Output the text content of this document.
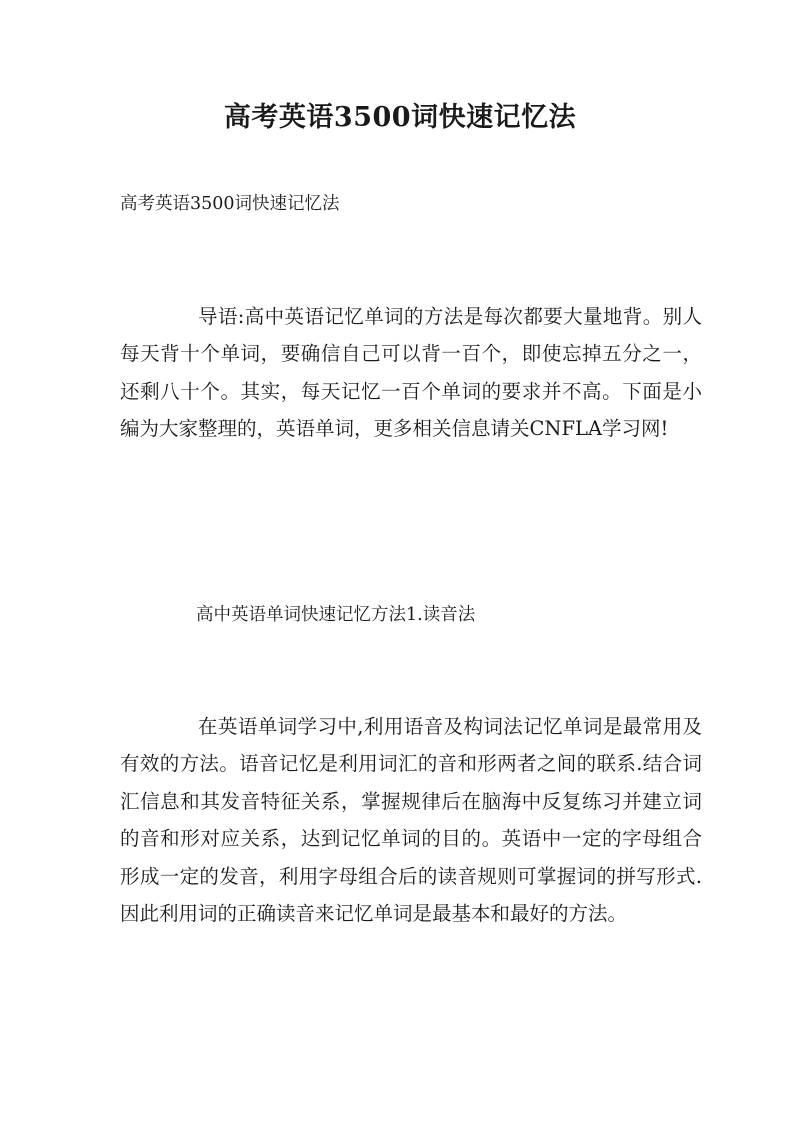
高考英语3500词快速记忆法

高考英语3500词快速记忆法

导语:高中英语记忆单词的方法是每次都要大量地背。别人每天背十个单词，要确信自己可以背一百个，即使忘掉五分之一，还剩八十个。其实，每天记忆一百个单词的要求并不高。下面是小编为大家整理的，英语单词，更多相关信息请关CNFLA学习网!

高中英语单词快速记忆方法1.读音法

在英语单词学习中,利用语音及构词法记忆单词是最常用及有效的方法。语音记忆是利用词汇的音和形两者之间的联系.结合词汇信息和其发音特征关系，掌握规律后在脑海中反复练习并建立词的音和形对应关系，达到记忆单词的目的。英语中一定的字母组合形成一定的发音，利用字母组合后的读音规则可掌握词的拼写形式.因此利用词的正确读音来记忆单词是最基本和最好的方法。
